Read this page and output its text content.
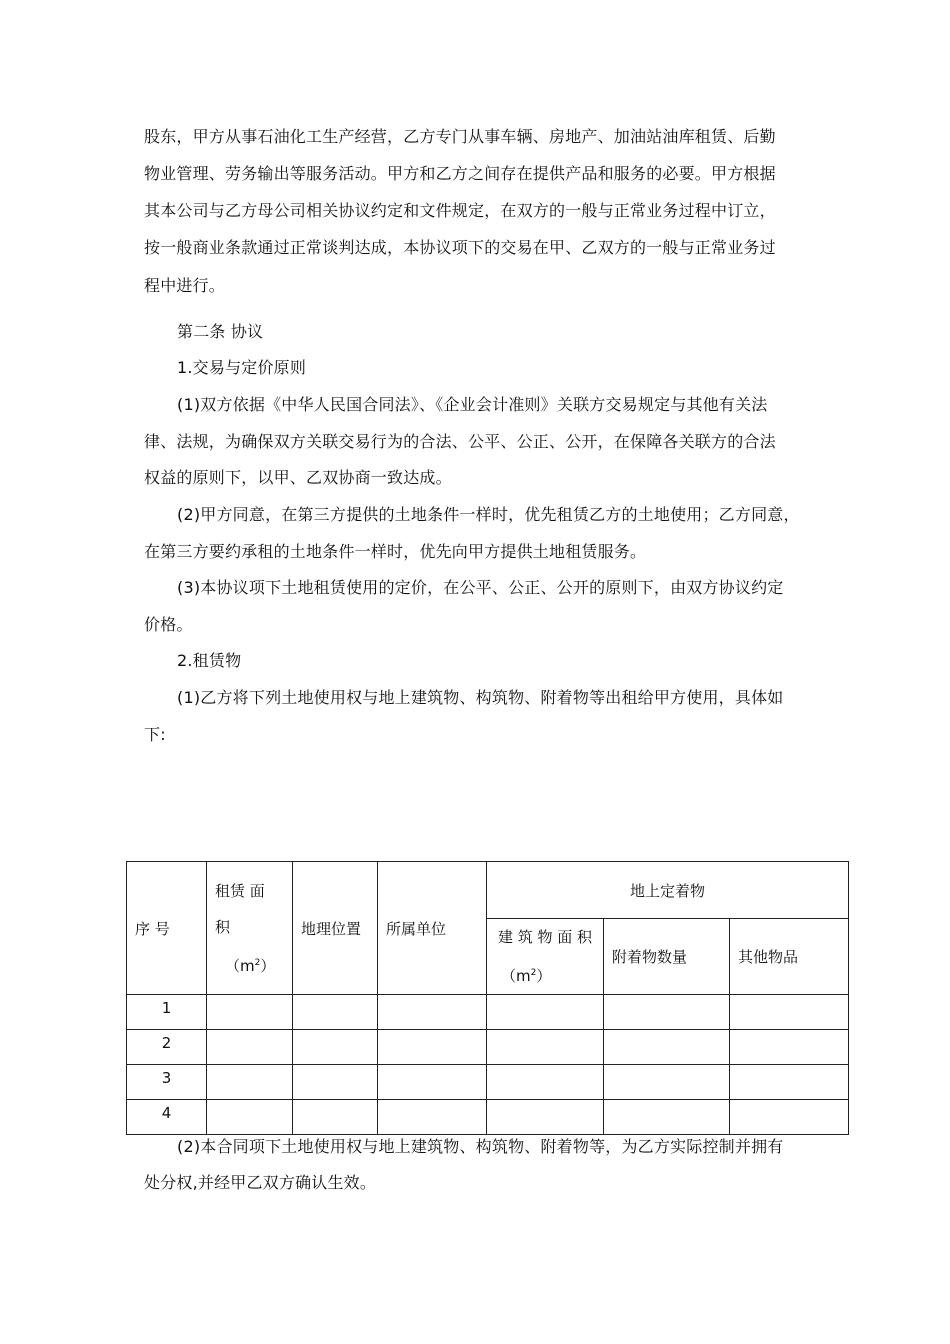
股东，甲方从事石油化工生产经营，乙方专门从事车辆、房地产、加油站油库租赁、后勤
物业管理、劳务输出等服务活动。甲方和乙方之间存在提供产品和服务的必要。甲方根据
其本公司与乙方母公司相关协议约定和文件规定，在双方的一般与正常业务过程中订立，
按一般商业条款通过正常谈判达成，本协议项下的交易在甲、乙双方的一般与正常业务过
程中进行。
第二条 协议
1.交易与定价原则
(1)双方依据《中华人民国合同法》、《企业会计准则》关联方交易规定与其他有关法
律、法规，为确保双方关联交易行为的合法、公平、公正、公开，在保障各关联方的合法
权益的原则下，以甲、乙双协商一致达成。
(2)甲方同意，在第三方提供的土地条件一样时，优先租赁乙方的土地使用；乙方同意，
在第三方要约承租的土地条件一样时，优先向甲方提供土地租赁服务。
(3)本协议项下土地租赁使用的定价，在公平、公正、公开的原则下，由双方协议约定
价格。
2.租赁物
(1)乙方将下列土地使用权与地上建筑物、构筑物、附着物等出租给甲方使用，具体如
下:
序 号	租赁 面
积
$(m^2)$	地理位置	所属单位	地上定着物		

				建 筑 物 面 积
$(m^2)$	附着物数量	其他物品
1						
2						
3						
4						
(2)本合同项下土地使用权与地上建筑物、构筑物、附着物等，为乙方实际控制并拥有
处分权,并经甲乙双方确认生效。
